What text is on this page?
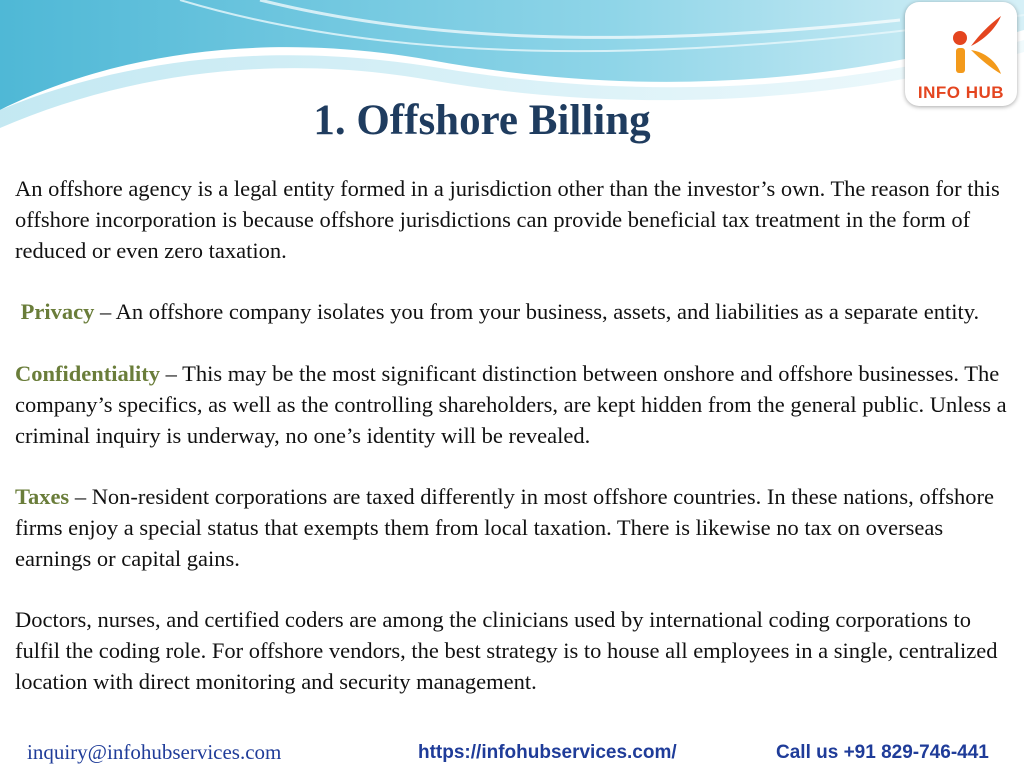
INFO HUB
1. Offshore Billing

An offshore agency is a legal entity formed in a jurisdiction other than the investor’s own. The reason for this offshore incorporation is because offshore jurisdictions can provide beneficial tax treatment in the form of reduced or even zero taxation.

Privacy – An offshore company isolates you from your business, assets, and liabilities as a separate entity.

Confidentiality – This may be the most significant distinction between onshore and offshore businesses. The company’s specifics, as well as the controlling shareholders, are kept hidden from the general public. Unless a criminal inquiry is underway, no one’s identity will be revealed.

Taxes – Non-resident corporations are taxed differently in most offshore countries. In these nations, offshore firms enjoy a special status that exempts them from local taxation. There is likewise no tax on overseas earnings or capital gains.

Doctors, nurses, and certified coders are among the clinicians used by international coding corporations to fulfil the coding role. For offshore vendors, the best strategy is to house all employees in a single, centralized location with direct monitoring and security management.

inquiry@infohubservices.com	https://infohubservices.com/	Call us +91 829-746-441
